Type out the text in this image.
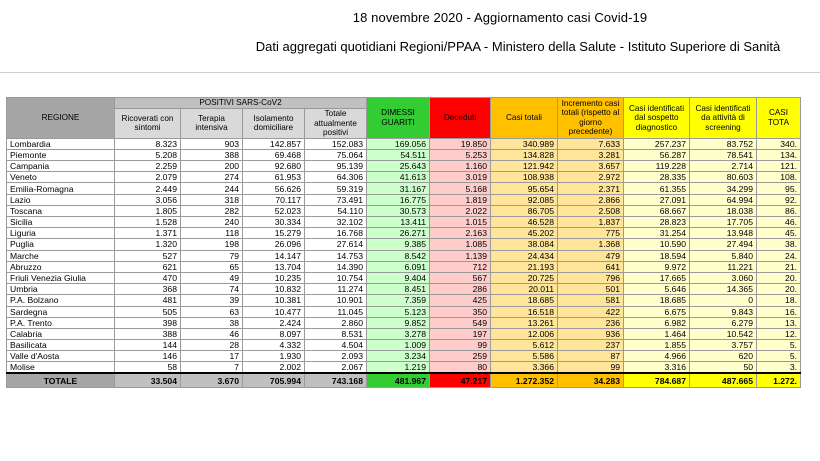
18 novembre 2020 - Aggiornamento casi Covid-19
Dati aggregati quotidiani Regioni/PPAA - Ministero della Salute - Istituto Superiore di Sanità
REGIONE	POSITIVI SARS-CoV2				DIMESSI GUARITI	Deceduti	Casi totali	Incremento casi totali (rispetto al giorno precedente)	Casi identificati dal sospetto diagnostico	Casi identificati da attività di screening	CASI TOTA
	Ricoverati con sintomi	Terapia intensiva	Isolamento domiciliare	Totale attualmente positivi							
Lombardia	8.323	903	142.857	152.083	169.056	19.850	340.989	7.633	257.237	83.752	340.
Piemonte	5.208	388	69.468	75.064	54.511	5.253	134.828	3.281	56.287	78.541	134.
Campania	2.259	200	92.680	95.139	25.643	1.160	121.942	3.657	119.228	2.714	121.
Veneto	2.079	274	61.953	64.306	41.613	3.019	108.938	2.972	28.335	80.603	108.
Emilia-Romagna	2.449	244	56.626	59.319	31.167	5.168	95.654	2.371	61.355	34.299	95.
Lazio	3.056	318	70.117	73.491	16.775	1.819	92.085	2.866	27.091	64.994	92.
Toscana	1.805	282	52.023	54.110	30.573	2.022	86.705	2.508	68.667	18.038	86.
Sicilia	1.528	240	30.334	32.102	13.411	1.015	46.528	1.837	28.823	17.705	46.
Liguria	1.371	118	15.279	16.768	26.271	2.163	45.202	775	31.254	13.948	45.
Puglia	1.320	198	26.096	27.614	9.385	1.085	38.084	1.368	10.590	27.494	38.
Marche	527	79	14.147	14.753	8.542	1.139	24.434	479	18.594	5.840	24.
Abruzzo	621	65	13.704	14.390	6.091	712	21.193	641	9.972	11.221	21.
Friuli Venezia Giulia	470	49	10.235	10.754	9.404	567	20.725	796	17.665	3.060	20.
Umbria	368	74	10.832	11.274	8.451	286	20.011	501	5.646	14.365	20.
P.A. Bolzano	481	39	10.381	10.901	7.359	425	18.685	581	18.685	0	18.
Sardegna	505	63	10.477	11.045	5.123	350	16.518	422	6.675	9.843	16.
P.A. Trento	398	38	2.424	2.860	9.852	549	13.261	236	6.982	6.279	13.
Calabria	388	46	8.097	8.531	3.278	197	12.006	936	1.464	10.542	12.
Basilicata	144	28	4.332	4.504	1.009	99	5.612	237	1.855	3.757	5.
Valle d'Aosta	146	17	1.930	2.093	3.234	259	5.586	87	4.966	620	5.
Molise	58	7	2.002	2.067	1.219	80	3.366	99	3.316	50	3.
TOTALE	33.504	3.670	705.994	743.168	481.967	47.217	1.272.352	34.283	784.687	487.665	1.272.
